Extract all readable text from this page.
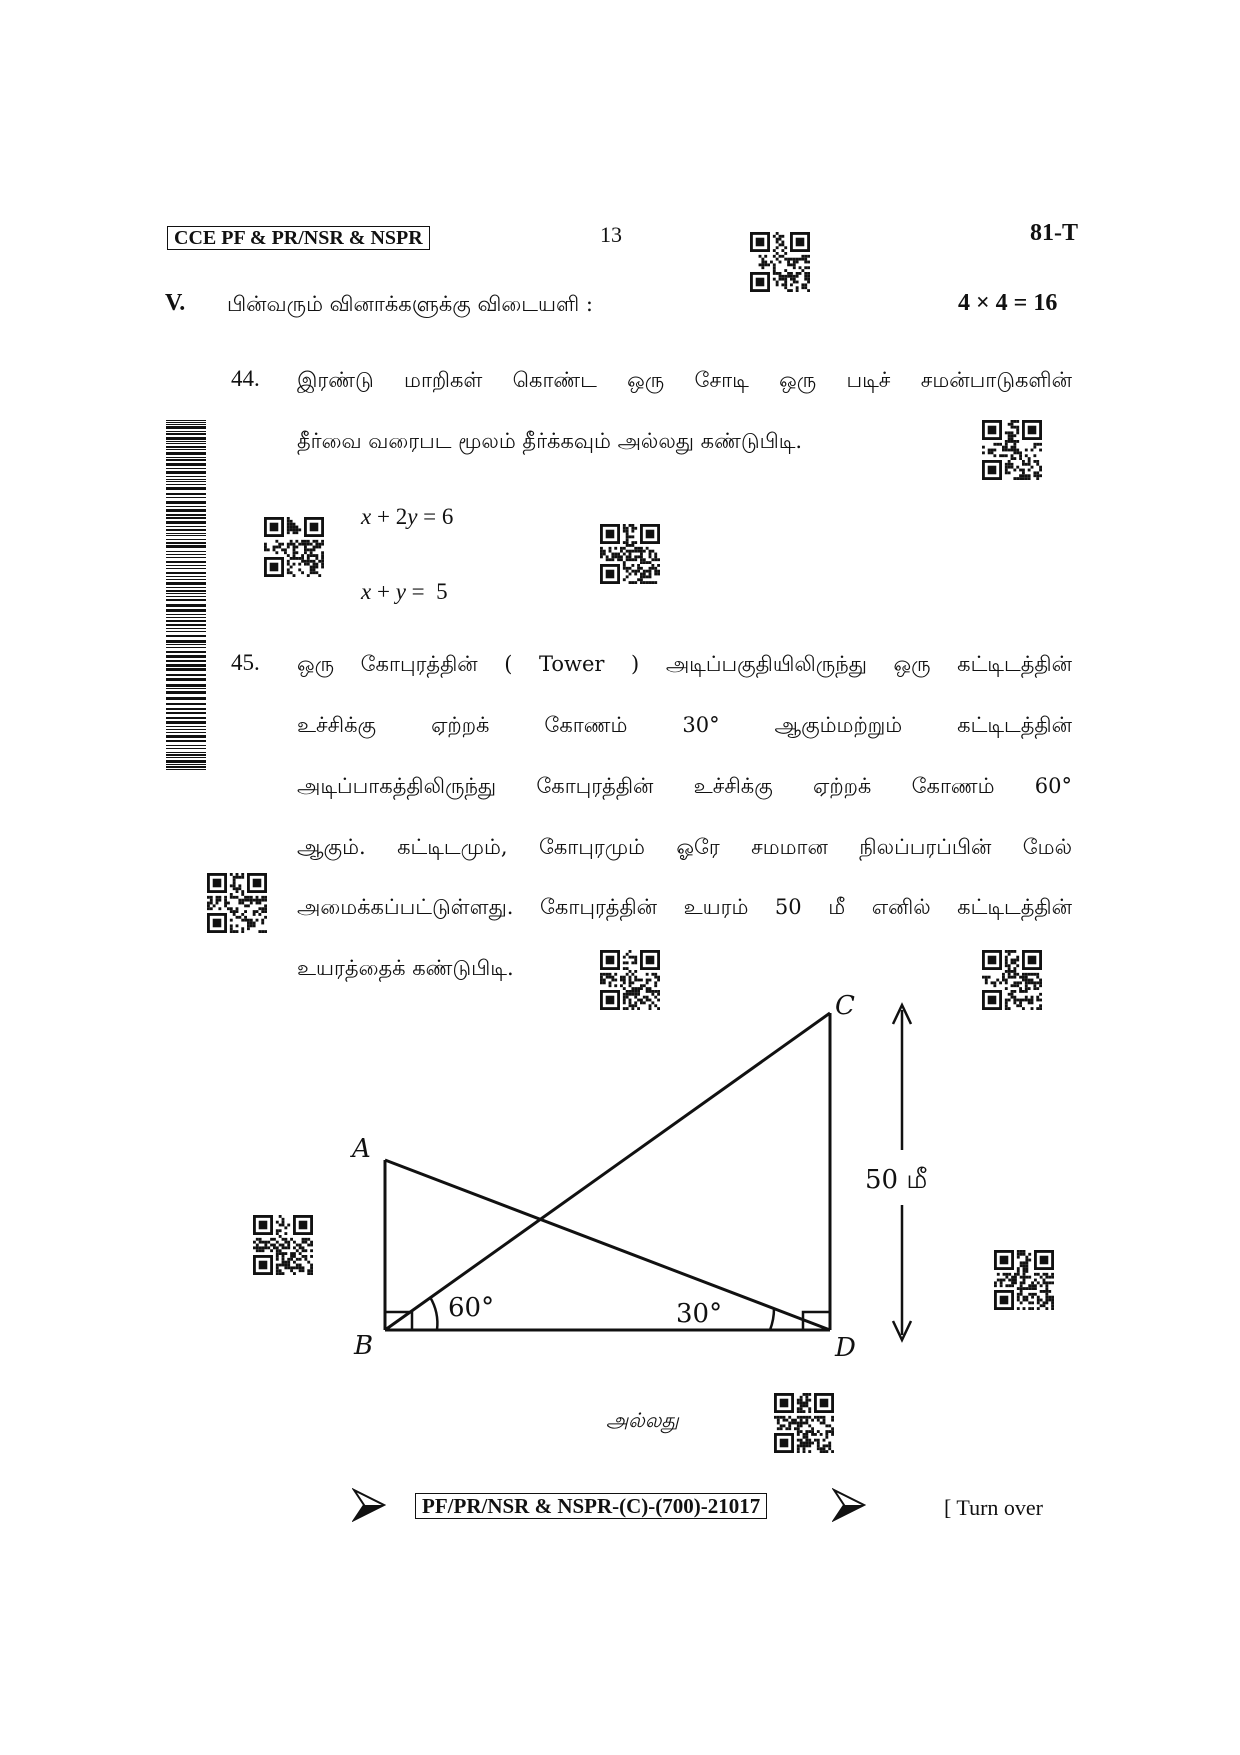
CCE PF & PR/NSR & NSPR	13	81-T
V. பின்வரும் வினாக்களுக்கு விடையளி :	4 × 4 = 16
44. இரண்டு மாறிகள் கொண்ட ஒரு சோடி ஒரு படிச் சமன்பாடுகளின்
தீர்வை வரைபட மூலம் தீர்க்கவும் அல்லது கண்டுபிடி.
x + 2y = 6
x + y =  5
45. ஒரு கோபுரத்தின் ( Tower ) அடிப்பகுதியிலிருந்து ஒரு கட்டிடத்தின்
உச்சிக்கு ஏற்றக் கோணம் 30° ஆகும்மற்றும் கட்டிடத்தின்
அடிப்பாகத்திலிருந்து கோபுரத்தின் உச்சிக்கு ஏற்றக் கோணம் 60°
ஆகும். கட்டிடமும், கோபுரமும் ஓரே சமமான நிலப்பரப்பின் மேல்
அமைக்கப்பட்டுள்ளது. கோபுரத்தின் உயரம் 50 மீ எனில் கட்டிடத்தின்
உயரத்தைக் கண்டுபிடி.
A
B
C
D
60°	30°
50 மீ
அல்லது
PF/PR/NSR & NSPR-(C)-(700)-21017	[ Turn over
